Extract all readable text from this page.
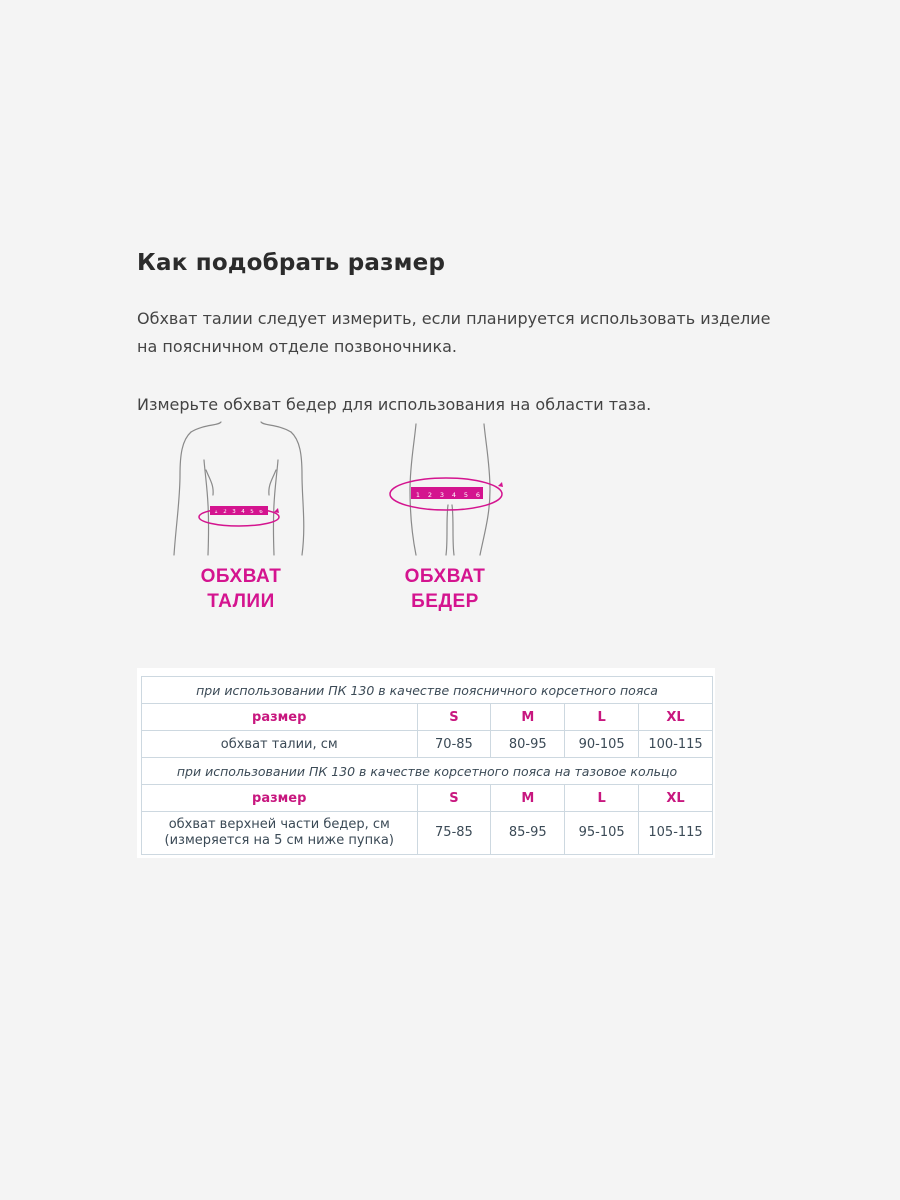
Как подобрать размер
Обхват талии следует измерить, если планируется использовать изделие на поясничном отделе позвоночника.
Измерьте обхват бедер для использования на области таза.
1 2 3 4 5 6
1 2 3 4 5 6
ОБХВАТ
ТАЛИИ
ОБХВАТ
БЕДЕР
при использовании ПК 130 в качестве поясничного корсетного пояса				
размер	S	M	L	XL
обхват талии, см	70-85	80-95	90-105	100-115
при использовании ПК 130 в качестве корсетного пояса на тазовое кольцо				
размер	S	M	L	XL

обхват верхней части бедер, см
(измеряется на 5 см ниже пупка)	75-85	85-95	95-105	105-115
